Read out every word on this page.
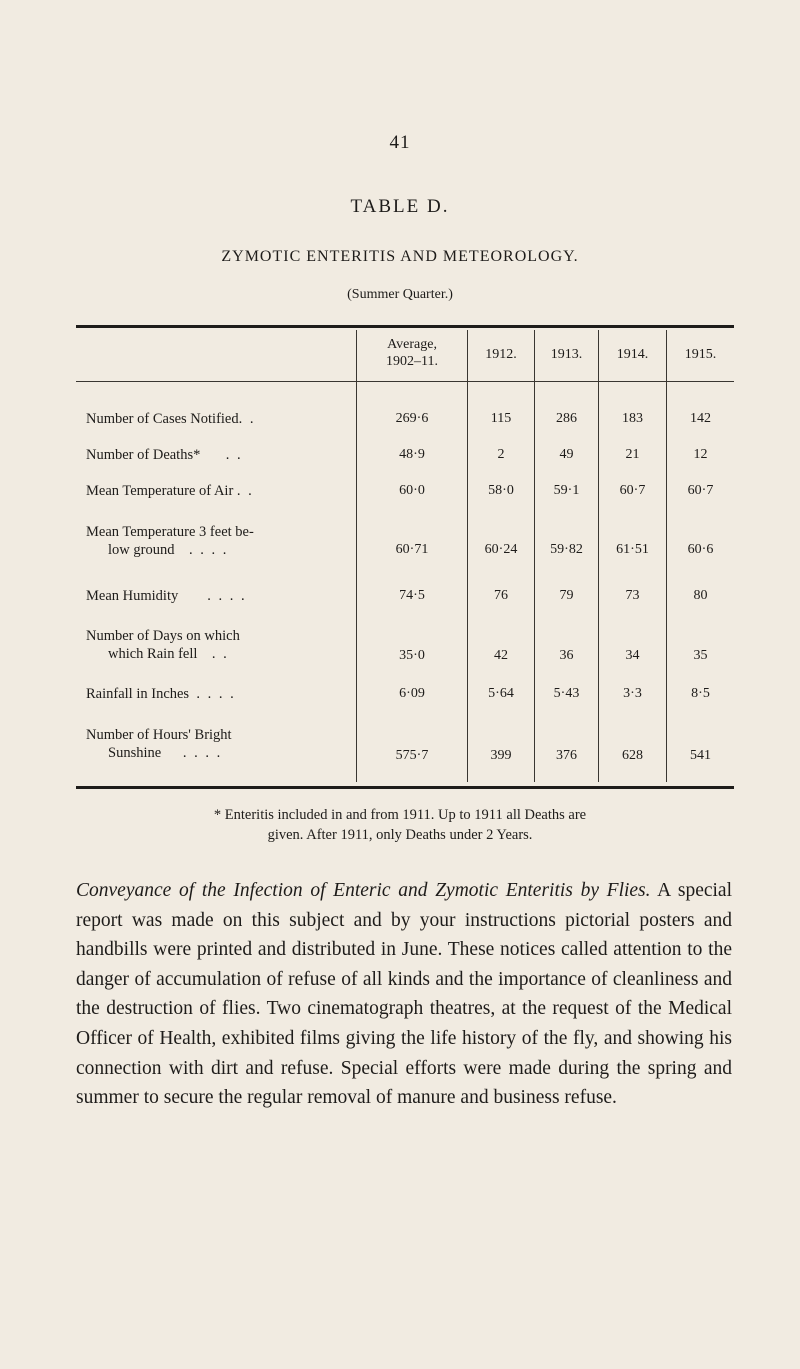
41
TABLE D.
ZYMOTIC ENTERITIS AND METEOROLOGY.
(Summer Quarter.)
Average,
1902–11.	1912.	1913.	1914.	1915.
Number of Cases Notified. .	269·6	115	286	183	142
Number of Deaths* . .	48·9	2	49	21	12
Mean Temperature of Air . .	60·0	58·0	59·1	60·7	60·7
Mean Temperature 3 feet be-
low ground . . . .	60·71	60·24	59·82	61·51	60·6
Mean Humidity . . . .	74·5	76	79	73	80
Number of Days on which
which Rain fell . .	35·0	42	36	34	35
Rainfall in Inches . . . .	6·09	5·64	5·43	3·3	8·5
Number of Hours' Bright
Sunshine . . . .	575·7	399	376	628	541
* Enteritis included in and from 1911. Up to 1911 all Deaths are
given. After 1911, only Deaths under 2 Years.
Conveyance of the Infection of Enteric and Zymotic Enteritis by Flies. A special report was made on this subject and by your instructions pictorial posters and handbills were printed and distributed in June. These notices called attention to the danger of accumulation of refuse of all kinds and the importance of cleanliness and the destruction of flies. Two cinematograph theatres, at the request of the Medical Officer of Health, exhibited films giving the life history of the fly, and showing his connection with dirt and refuse. Special efforts were made during the spring and summer to secure the regular removal of manure and business refuse.
